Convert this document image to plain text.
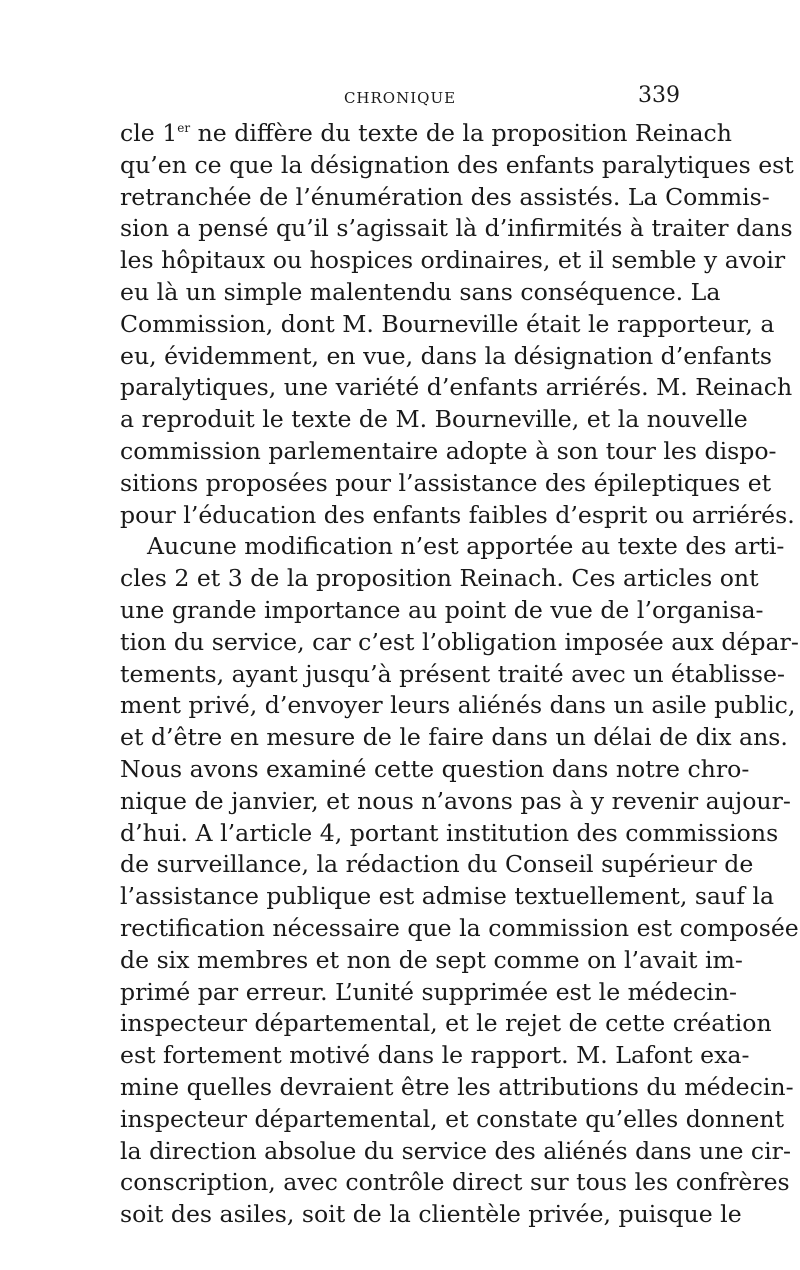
CHRONIQUE	339
cle 1er ne diffère du texte de la proposition Reinach
qu’en ce que la désignation des enfants paralytiques est
retranchée de l’énumération des assistés. La Commis-
sion a pensé qu’il s’agissait là d’infirmités à traiter dans
les hôpitaux ou hospices ordinaires, et il semble y avoir
eu là un simple malentendu sans conséquence. La
Commission, dont M. Bourneville était le rapporteur, a
eu, évidemment, en vue, dans la désignation d’enfants
paralytiques, une variété d’enfants arriérés. M. Reinach
a reproduit le texte de M. Bourneville, et la nouvelle
commission parlementaire adopte à son tour les dispo-
sitions proposées pour l’assistance des épileptiques et
pour l’éducation des enfants faibles d’esprit ou arriérés.
Aucune modification n’est apportée au texte des arti-
cles 2 et 3 de la proposition Reinach. Ces articles ont
une grande importance au point de vue de l’organisa-
tion du service, car c’est l’obligation imposée aux dépar-
tements, ayant jusqu’à présent traité avec un établisse-
ment privé, d’envoyer leurs aliénés dans un asile public,
et d’être en mesure de le faire dans un délai de dix ans.
Nous avons examiné cette question dans notre chro-
nique de janvier, et nous n’avons pas à y revenir aujour-
d’hui. A l’article 4, portant institution des commissions
de surveillance, la rédaction du Conseil supérieur de
l’assistance publique est admise textuellement, sauf la
rectification nécessaire que la commission est composée
de six membres et non de sept comme on l’avait im-
primé par erreur. L’unité supprimée est le médecin-
inspecteur départemental, et le rejet de cette création
est fortement motivé dans le rapport. M. Lafont exa-
mine quelles devraient être les attributions du médecin-
inspecteur départemental, et constate qu’elles donnent
la direction absolue du service des aliénés dans une cir-
conscription, avec contrôle direct sur tous les confrères
soit des asiles, soit de la clientèle privée, puisque le
